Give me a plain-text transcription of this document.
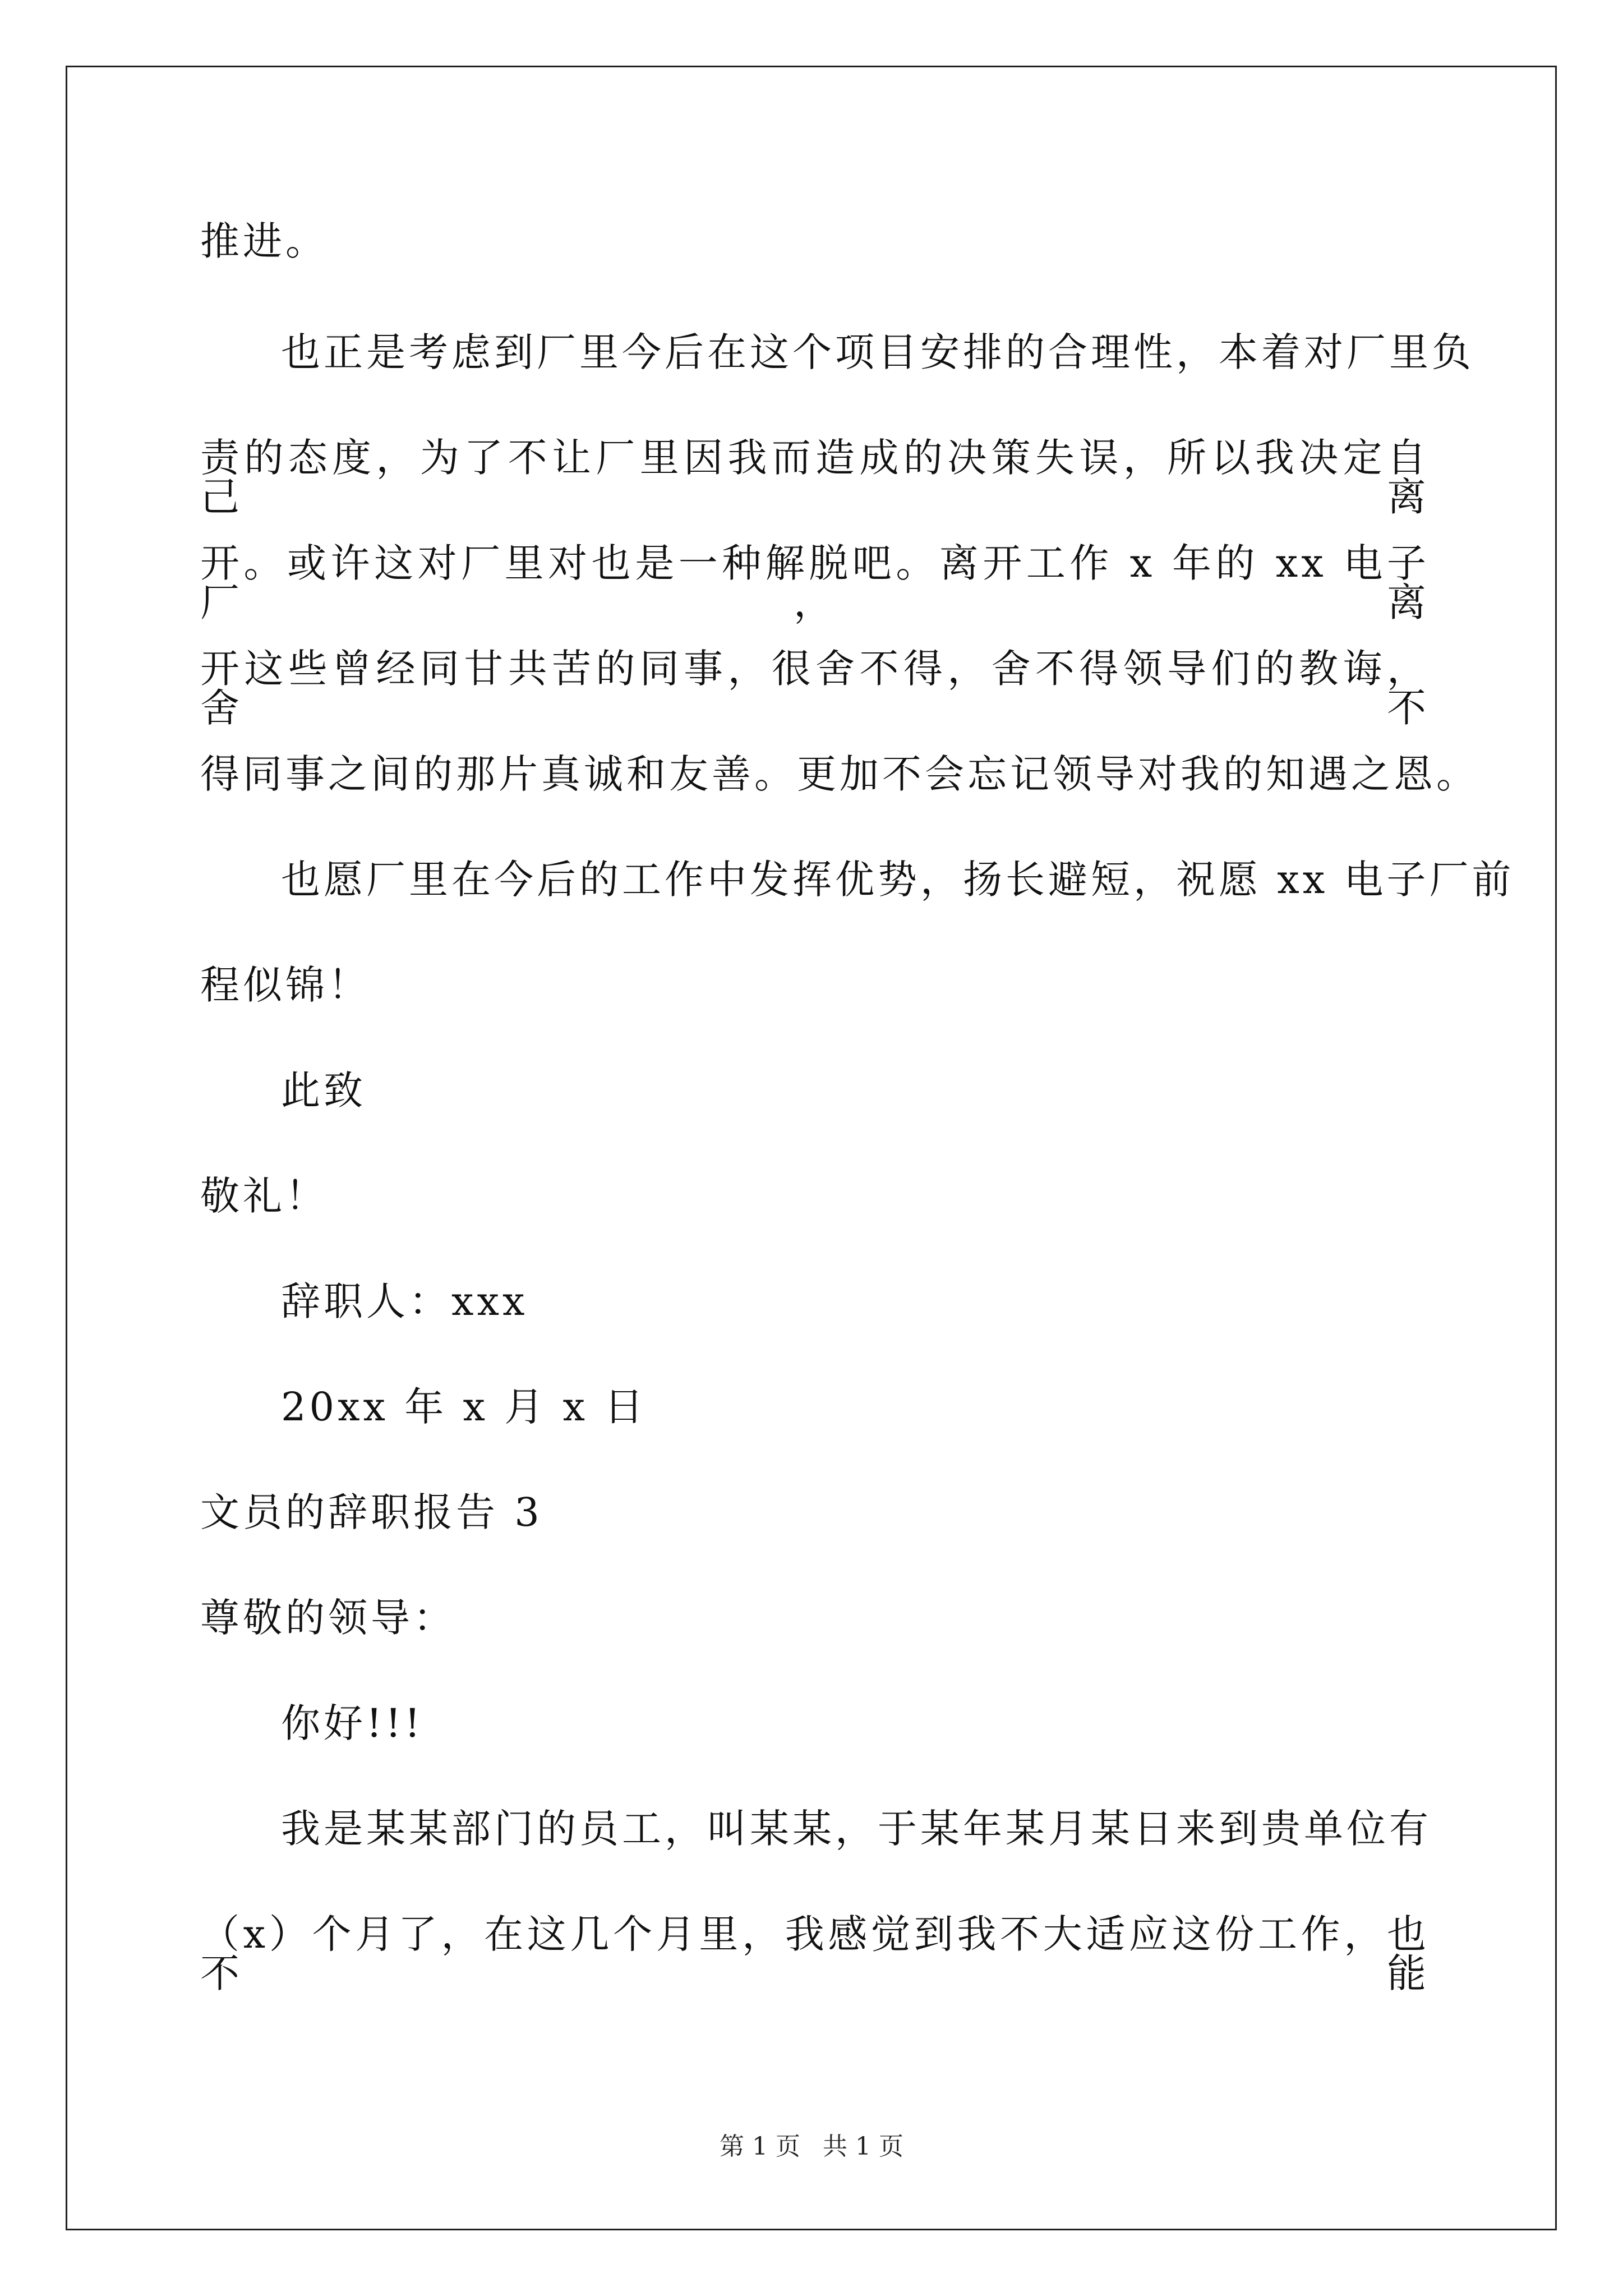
推进。
也正是考虑到厂里今后在这个项目安排的合理性，本着对厂里负
责的态度，为了不让厂里因我而造成的决策失误，所以我决定自己离
开。或许这对厂里对也是一种解脱吧。离开工作 x 年的 xx 电子厂，离
开这些曾经同甘共苦的同事，很舍不得，舍不得领导们的教诲，舍不
得同事之间的那片真诚和友善。更加不会忘记领导对我的知遇之恩。
也愿厂里在今后的工作中发挥优势，扬长避短，祝愿 xx 电子厂前
程似锦！
此致
敬礼！
辞职人：xxx
20xx 年 x 月 x 日
文员的辞职报告 3
尊敬的领导：
你好!!!
我是某某部门的员工，叫某某，于某年某月某日来到贵单位有
（x）个月了，在这几个月里，我感觉到我不大适应这份工作，也不能
第 1 页 共 1 页
